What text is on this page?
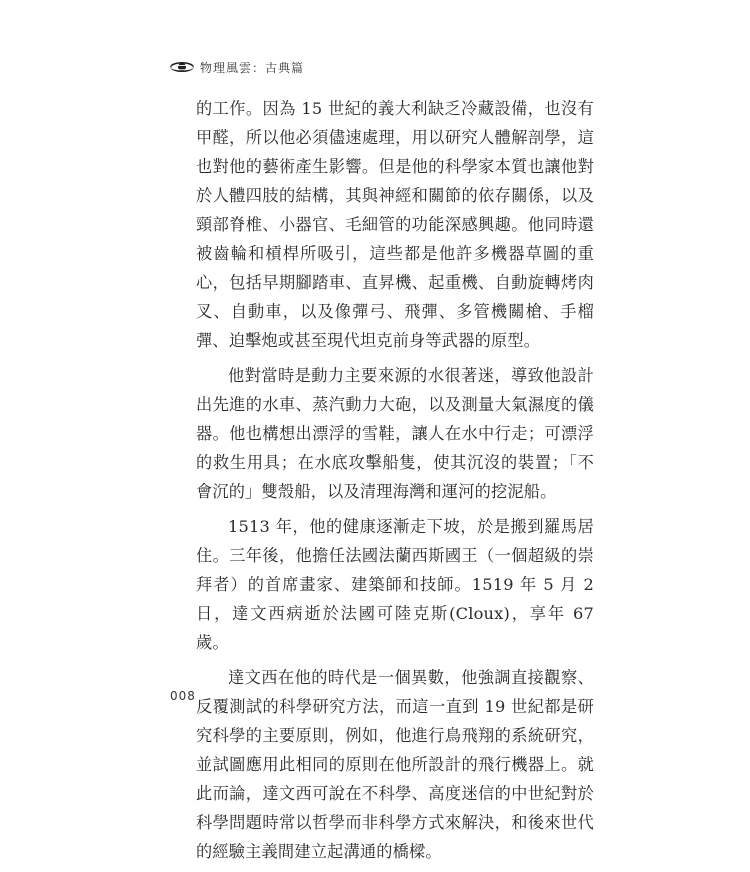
物理風雲：古典篇

的工作。因為 15 世紀的義大利缺乏冷藏設備，也沒有甲醛，所以他必須儘速處理，用以研究人體解剖學，這也對他的藝術產生影響。但是他的科學家本質也讓他對於人體四肢的結構，其與神經和關節的依存關係，以及頸部脊椎、小器官、毛細管的功能深感興趣。他同時還被齒輪和槓桿所吸引，這些都是他許多機器草圖的重心，包括早期腳踏車、直昇機、起重機、自動旋轉烤肉叉、自動車，以及像彈弓、飛彈、多管機關槍、手榴彈、迫擊炮或甚至現代坦克前身等武器的原型。

他對當時是動力主要來源的水很著迷，導致他設計出先進的水車、蒸汽動力大砲，以及測量大氣濕度的儀器。他也構想出漂浮的雪鞋，讓人在水中行走；可漂浮的救生用具；在水底攻擊船隻，使其沉沒的裝置；「不會沉的」雙殼船，以及清理海灣和運河的挖泥船。

1513 年，他的健康逐漸走下坡，於是搬到羅馬居住。三年後，他擔任法國法蘭西斯國王（一個超級的崇拜者）的首席畫家、建築師和技師。1519 年 5 月 2 日，達文西病逝於法國可陸克斯(Cloux)，享年 67 歲。

達文西在他的時代是一個異數，他強調直接觀察、反覆測試的科學研究方法，而這一直到 19 世紀都是研究科學的主要原則，例如，他進行鳥飛翔的系統研究，並試圖應用此相同的原則在他所設計的飛行機器上。就此而論，達文西可說在不科學、高度迷信的中世紀對於科學問題時常以哲學而非科學方式來解決，和後來世代的經驗主義間建立起溝通的橋樑。

008
